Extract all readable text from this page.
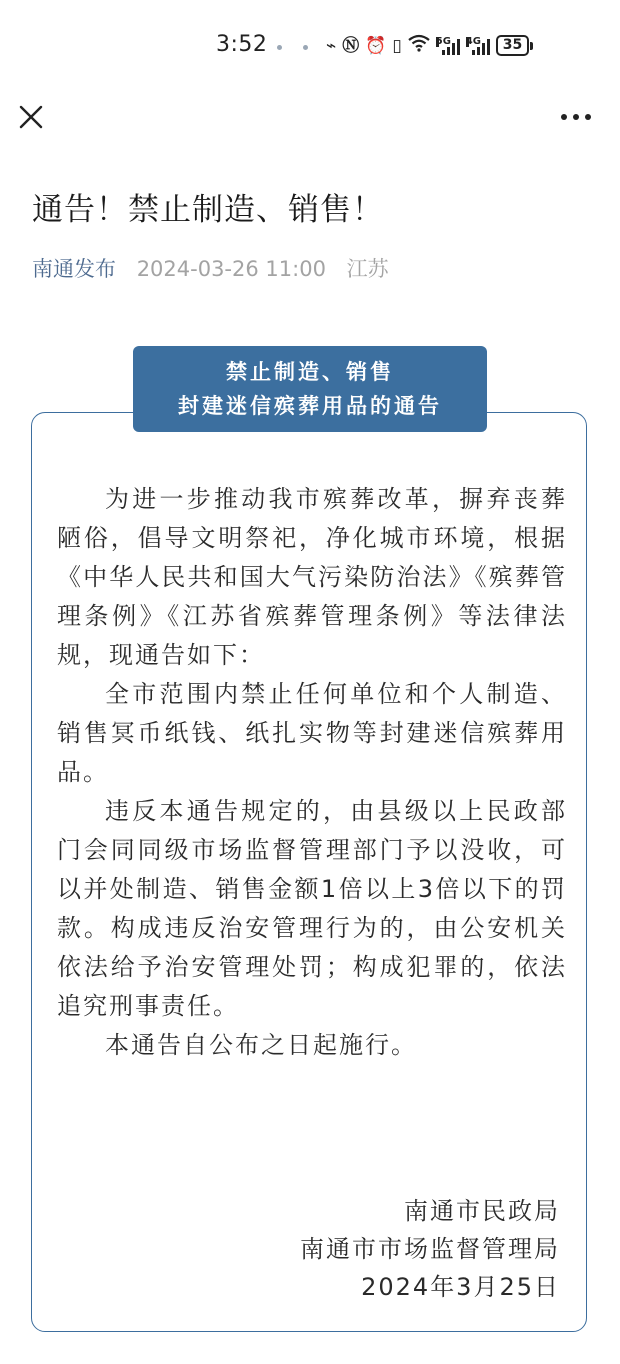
3:52	⌁ Ⓝ ⏰ ▯	5G 4G	35
通告！禁止制造、销售！
南通发布 2024-03-26 11:00 江苏
禁止制造、销售
封建迷信殡葬用品的通告

为进一步推动我市殡葬改革，摒弃丧葬陋俗，倡导文明祭祀，净化城市环境，根据《中华人民共和国大气污染防治法》《殡葬管理条例》《江苏省殡葬管理条例》等法律法规，现通告如下：

全市范围内禁止任何单位和个人制造、销售冥币纸钱、纸扎实物等封建迷信殡葬用品。

违反本通告规定的，由县级以上民政部门会同同级市场监督管理部门予以没收，可以并处制造、销售金额1倍以上3倍以下的罚款。构成违反治安管理行为的，由公安机关依法给予治安管理处罚；构成犯罪的，依法追究刑事责任。

本通告自公布之日起施行。

南通市民政局
南通市市场监督管理局
2024年3月25日
